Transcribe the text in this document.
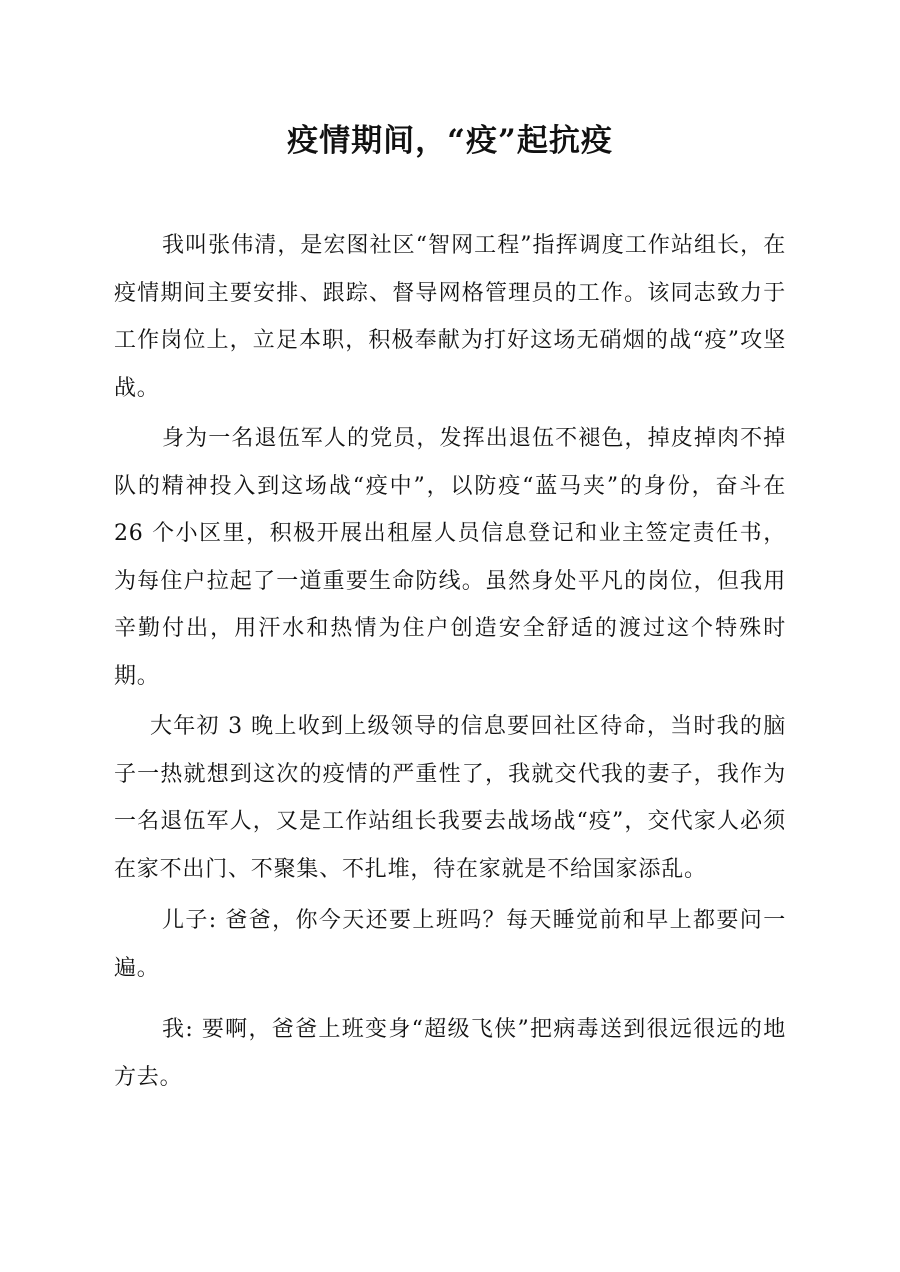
疫情期间，“疫”起抗疫

我叫张伟清，是宏图社区“智网工程”指挥调度工作站组长，在疫情期间主要安排、跟踪、督导网格管理员的工作。该同志致力于工作岗位上，立足本职，积极奉献为打好这场无硝烟的战“疫”攻坚战。

身为一名退伍军人的党员，发挥出退伍不褪色，掉皮掉肉不掉队的精神投入到这场战“疫中”，以防疫“蓝马夹”的身份，奋斗在 26 个小区里，积极开展出租屋人员信息登记和业主签定责任书，为每住户拉起了一道重要生命防线。虽然身处平凡的岗位，但我用辛勤付出，用汗水和热情为住户创造安全舒适的渡过这个特殊时期。

大年初 3 晚上收到上级领导的信息要回社区待命，当时我的脑子一热就想到这次的疫情的严重性了，我就交代我的妻子，我作为一名退伍军人，又是工作站组长我要去战场战“疫”，交代家人必须在家不出门、不聚集、不扎堆，待在家就是不给国家添乱。

儿子: 爸爸，你今天还要上班吗？每天睡觉前和早上都要问一遍。

我: 要啊，爸爸上班变身“超级飞侠”把病毒送到很远很远的地方去。
